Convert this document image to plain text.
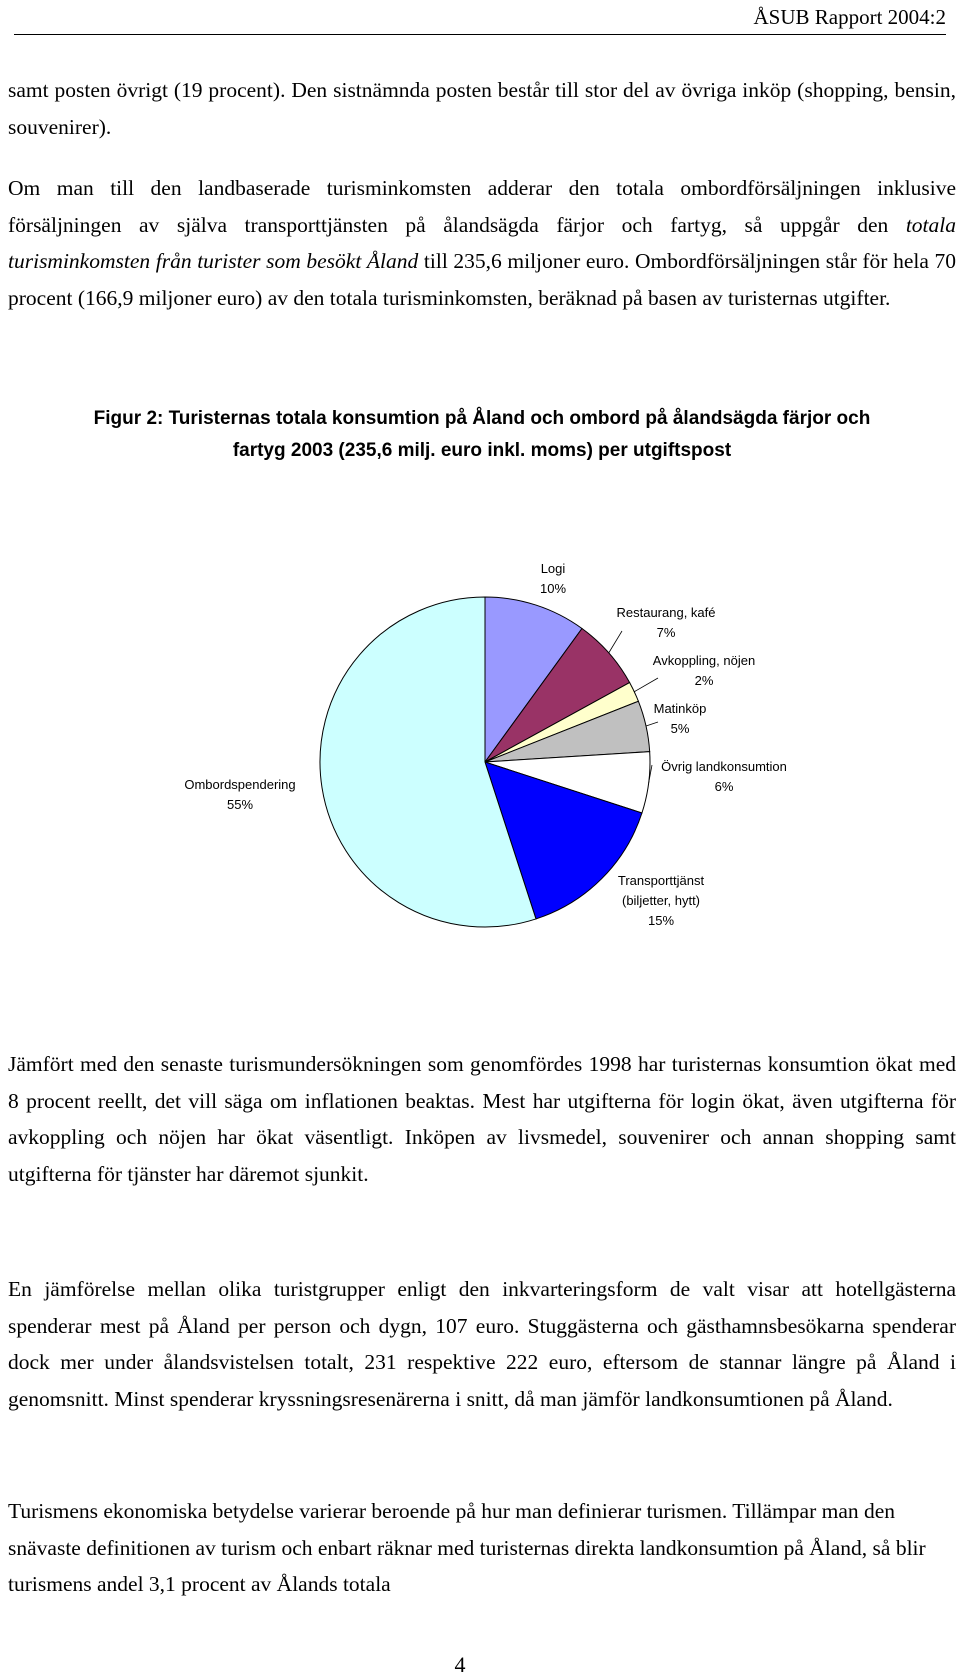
ÅSUB Rapport 2004:2

samt posten övrigt (19 procent). Den sistnämnda posten består till stor del av övriga inköp (shopping, bensin, souvenirer).

Om man till den landbaserade turisminkomsten adderar den totala ombordförsäljningen inklusive försäljningen av själva transporttjänsten på ålandsägda färjor och fartyg, så uppgår den totala turisminkomsten från turister som besökt Åland till 235,6 miljoner euro. Ombordförsäljningen står för hela 70 procent (166,9 miljoner euro) av den totala turisminkomsten, beräknad på basen av turisternas utgifter.

Figur 2: Turisternas totala konsumtion på Åland och ombord på ålandsägda färjor och
fartyg 2003 (235,6 milj. euro inkl. moms) per utgiftspost
Logi 10%
Restaurang, kafé 7%
Avkoppling, nöjen 2%
Matinköp 5%
Övrig landkonsumtion 6%
Transporttjänst (biljetter, hytt) 15%
Ombordspendering 55%

Jämfört med den senaste turismundersökningen som genomfördes 1998 har turisternas konsumtion ökat med 8 procent reellt, det vill säga om inflationen beaktas. Mest har utgifterna för login ökat, även utgifterna för avkoppling och nöjen har ökat väsentligt. Inköpen av livsmedel, souvenirer och annan shopping samt utgifterna för tjänster har däremot sjunkit.

En jämförelse mellan olika turistgrupper enligt den inkvarteringsform de valt visar att hotellgästerna spenderar mest på Åland per person och dygn, 107 euro. Stuggästerna och gästhamnsbesökarna spenderar dock mer under ålandsvistelsen totalt, 231 respektive 222 euro, eftersom de stannar längre på Åland i genomsnitt. Minst spenderar kryssningsresenärerna i snitt, då man jämför landkonsumtionen på Åland.

Turismens ekonomiska betydelse varierar beroende på hur man definierar turismen. Tillämpar man den snävaste definitionen av turism och enbart räknar med turisternas direkta landkonsumtion på Åland, så blir turismens andel 3,1 procent av Ålands totala

4
